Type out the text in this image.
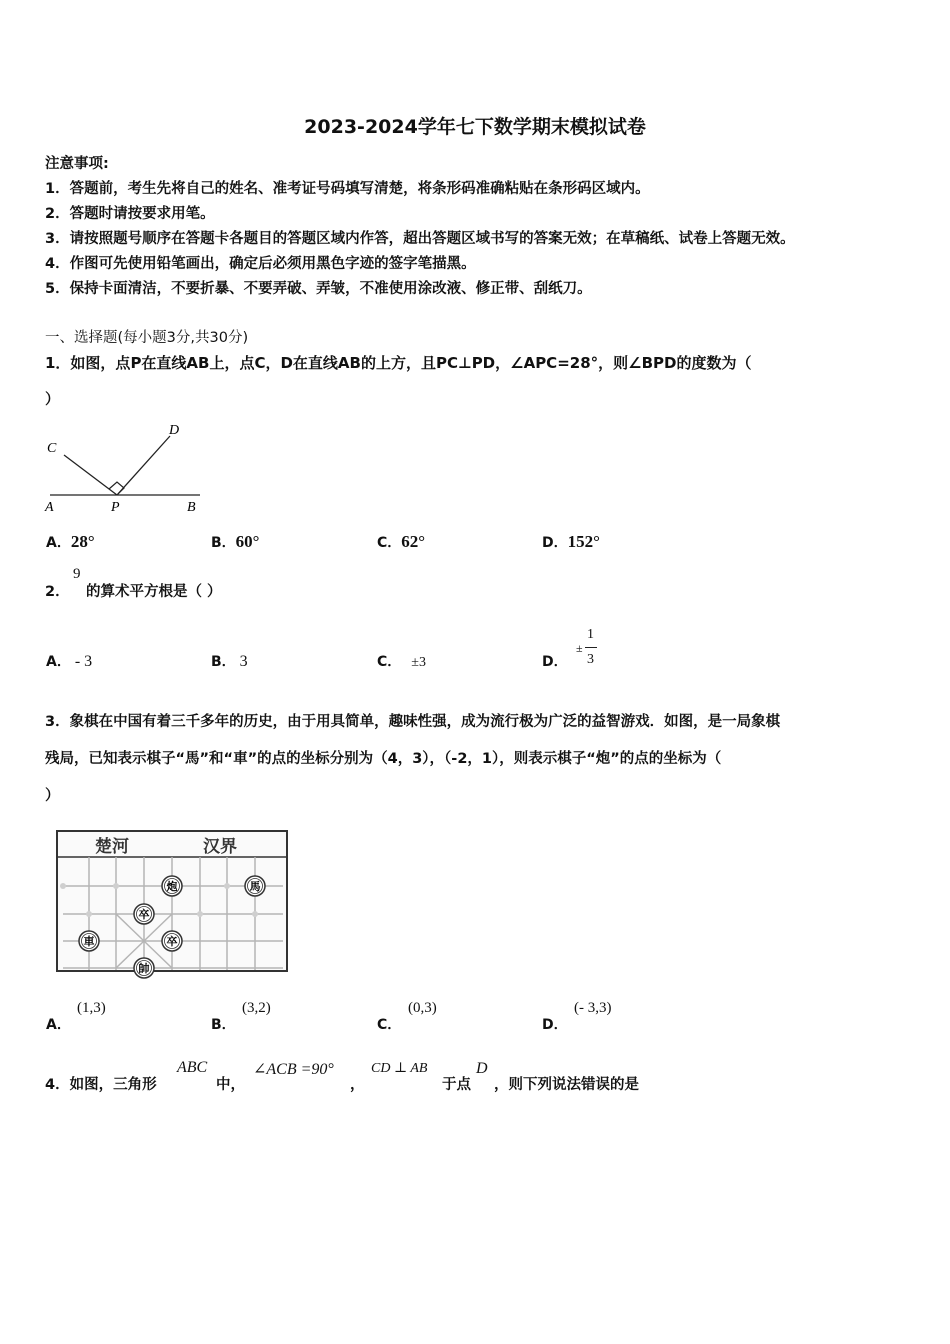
2023-2024学年七下数学期末模拟试卷
注意事项:
1．答题前，考生先将自己的姓名、准考证号码填写清楚，将条形码准确粘贴在条形码区域内。
2．答题时请按要求用笔。
3．请按照题号顺序在答题卡各题目的答题区域内作答，超出答题区域书写的答案无效；在草稿纸、试卷上答题无效。
4．作图可先使用铅笔画出，确定后必须用黑色字迹的签字笔描黑。
5．保持卡面清洁，不要折暴、不要弄破、弄皱，不准使用涂改液、修正带、刮纸刀。
一、选择题(每小题3分,共30分)
1．如图，点P在直线AB上，点C，D在直线AB的上方，且PC⊥PD，∠APC=28°，则∠BPD的度数为（
）
C
D
A	P	B
A．28°	B．60°	C．62°	D．152°
2．
9
的算术平方根是（ ）
A． - 3	B． 3	C． ±3	D．
±
1
3
3．象棋在中国有着三千多年的历史，由于用具简单，趣味性强，成为流行极为广泛的益智游戏．如图，是一局象棋
残局，已知表示棋子“馬”和“車”的点的坐标分别为（4，3），（-2，1），则表示棋子“炮”的点的坐标为（
）
楚河	汉界
炮	馬
卒
車	卒
帥
A．
(1,3)
B．
(3,2)
C．
(0,3)
D．
(- 3,3)
4．如图，三角形
ABC
中，
∠ACB =90°
，
CD ⊥ AB
于点
D
，则下列说法错误的是
